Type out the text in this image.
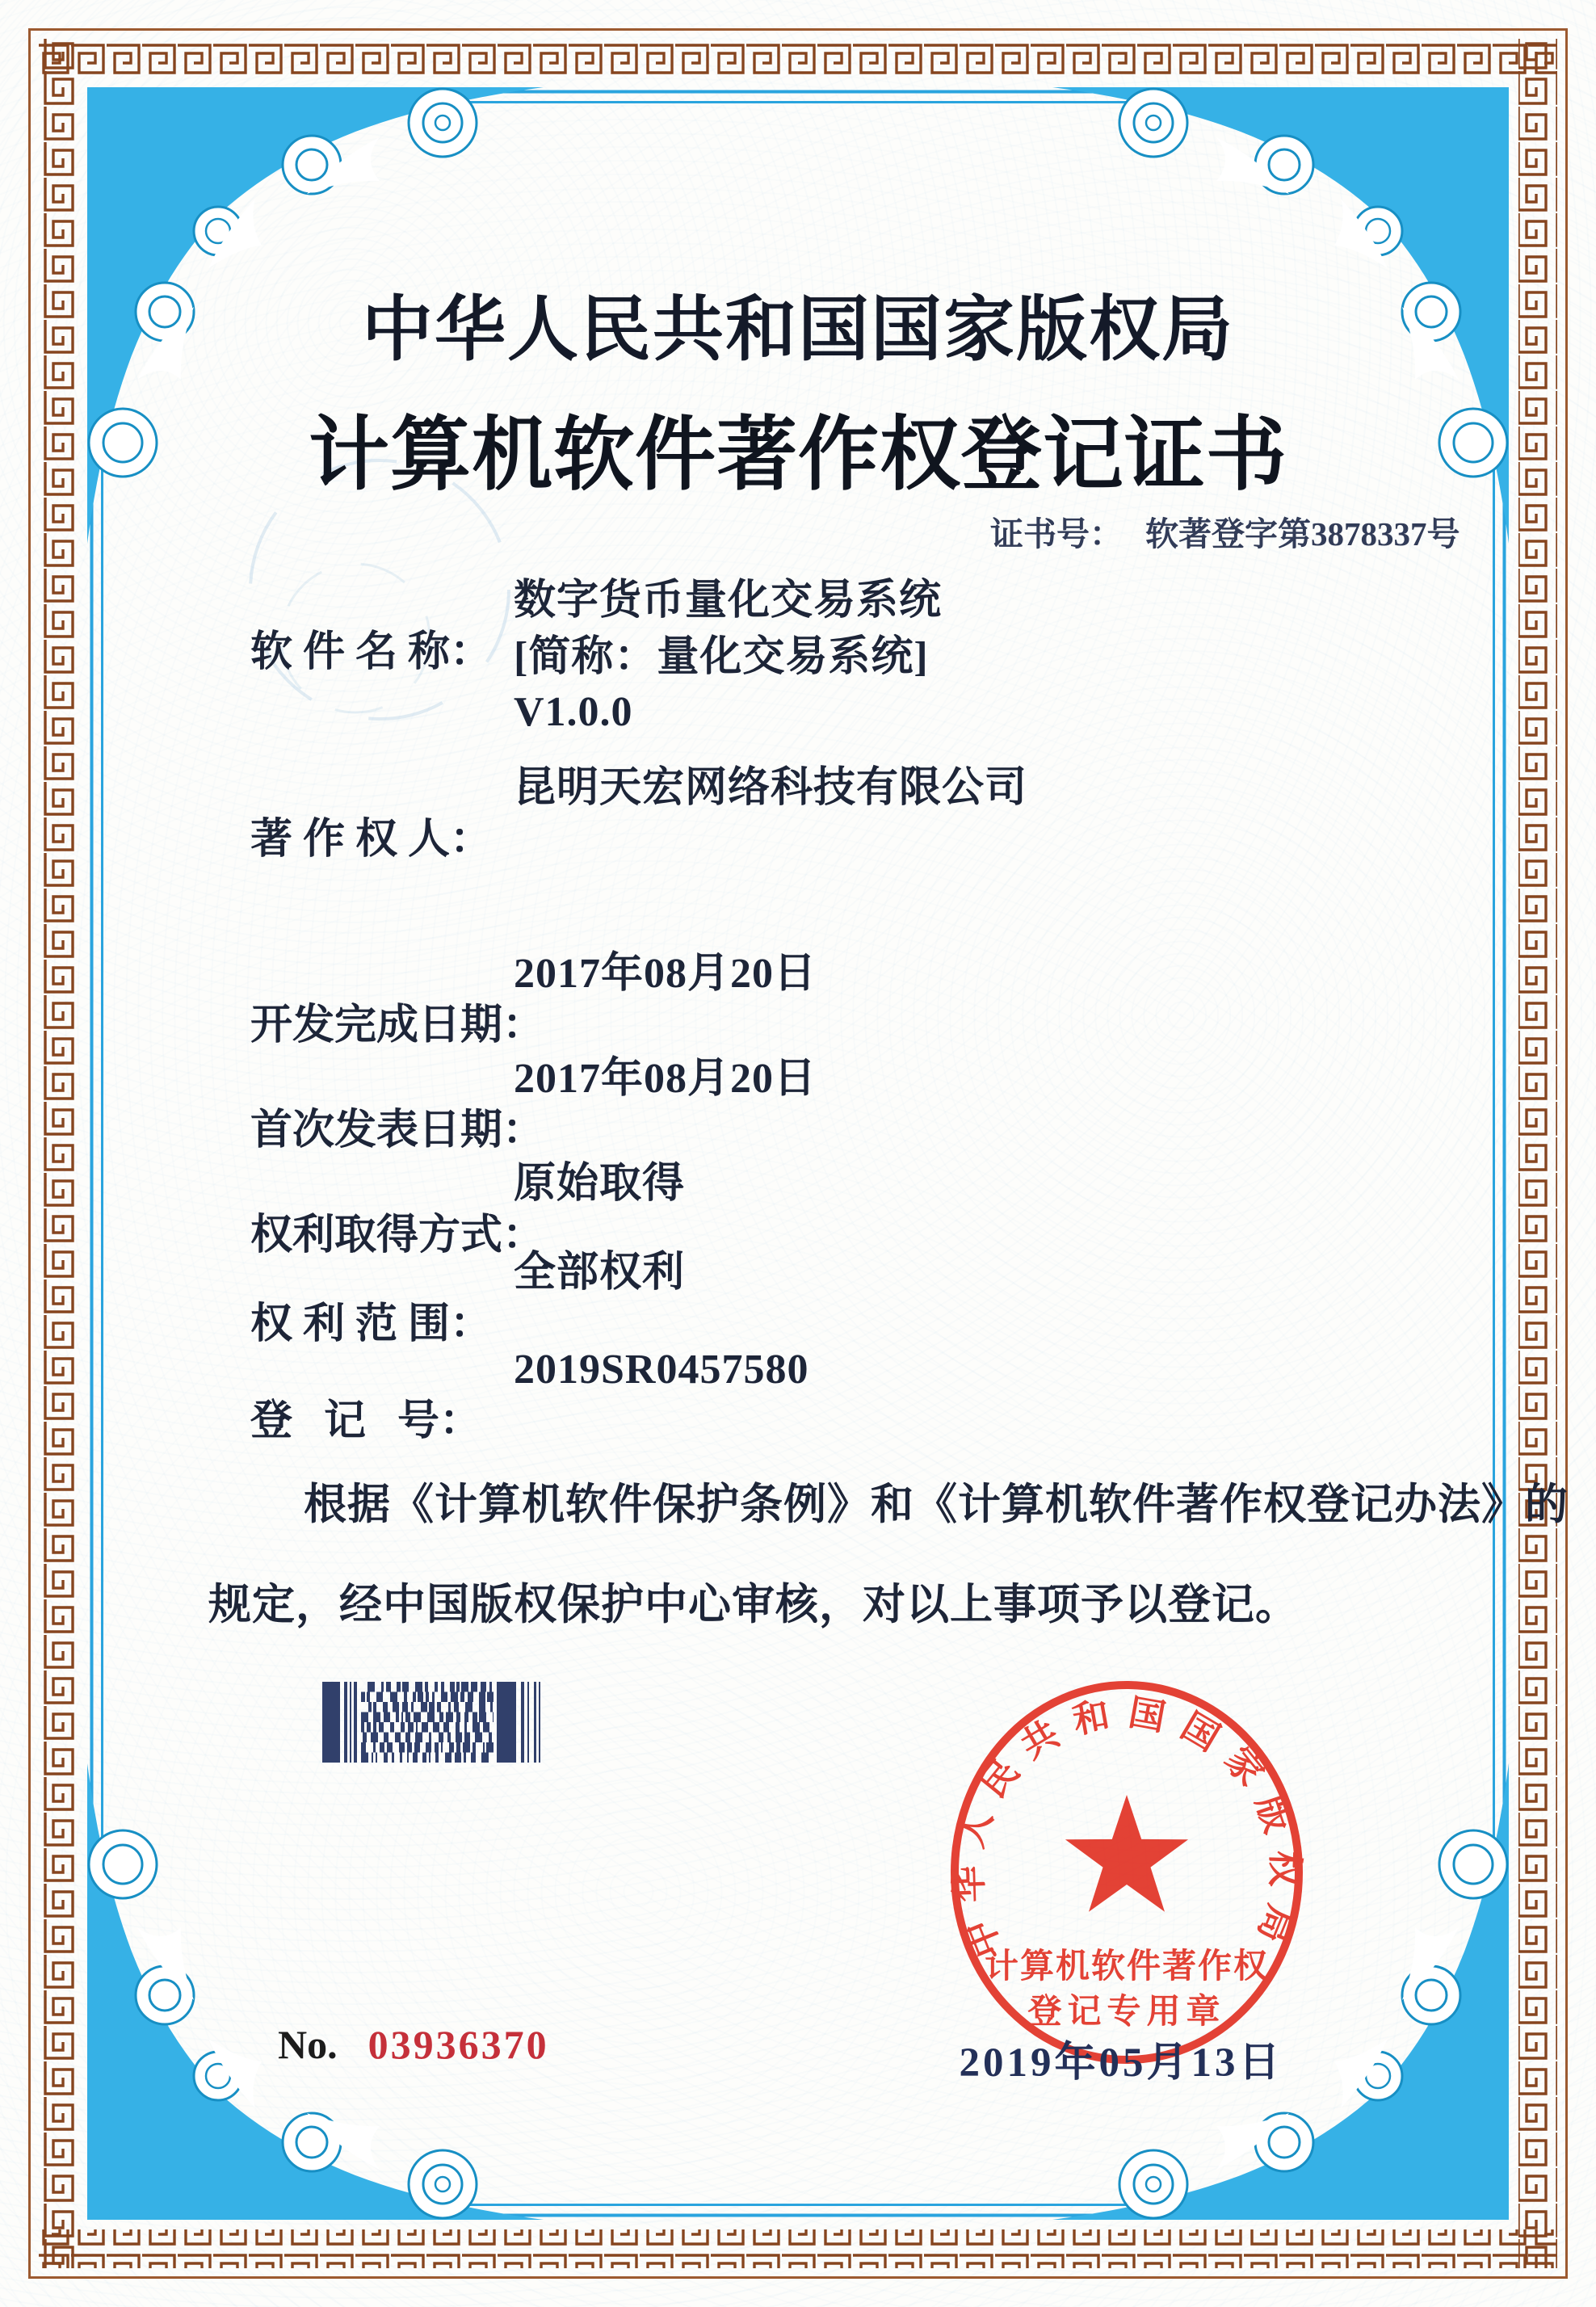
中华人民共和国国家版权局
计算机软件著作权登记证书
证书号： 软著登字第3878337号

软 件 名 称：

数字货币量化交易系统

[简称：量化交易系统]
V1.0.0

著 作 权 人：

昆明天宏网络科技有限公司

开发完成日期：

2017年08月20日

首次发表日期：

2017年08月20日

权利取得方式：

原始取得

权 利 范 围：

全部权利

登   记   号：

2019SR0457580

根据《计算机软件保护条例》和《计算机软件著作权登记办法》的
规定，经中国版权保护中心审核，对以上事项予以登记。
中华人民共和国国家版权局
计算机软件著作权
登记专用章
2019年05月13日
No. 03936370
